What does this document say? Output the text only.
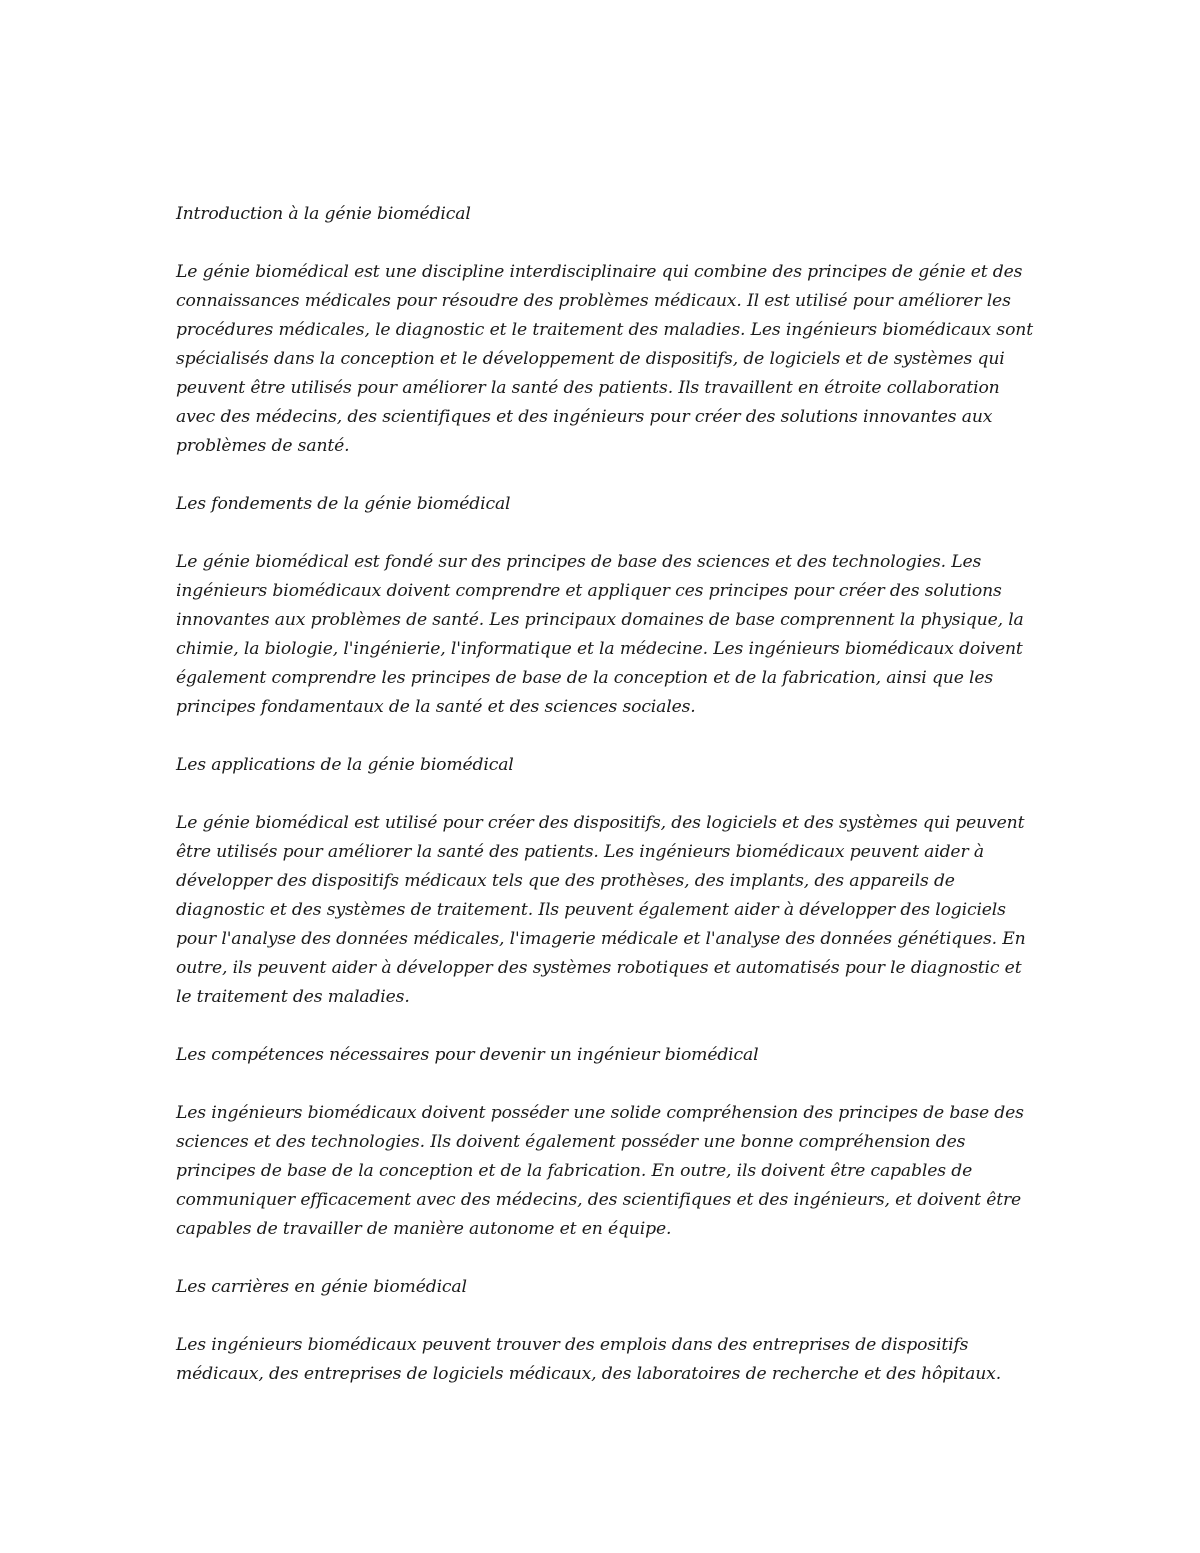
Introduction à la génie biomédical

Le génie biomédical est une discipline interdisciplinaire qui combine des principes de génie et des connaissances médicales pour résoudre des problèmes médicaux. Il est utilisé pour améliorer les procédures médicales, le diagnostic et le traitement des maladies. Les ingénieurs biomédicaux sont spécialisés dans la conception et le développement de dispositifs, de logiciels et de systèmes qui peuvent être utilisés pour améliorer la santé des patients. Ils travaillent en étroite collaboration avec des médecins, des scientifiques et des ingénieurs pour créer des solutions innovantes aux problèmes de santé.

Les fondements de la génie biomédical

Le génie biomédical est fondé sur des principes de base des sciences et des technologies. Les ingénieurs biomédicaux doivent comprendre et appliquer ces principes pour créer des solutions innovantes aux problèmes de santé. Les principaux domaines de base comprennent la physique, la chimie, la biologie, l'ingénierie, l'informatique et la médecine. Les ingénieurs biomédicaux doivent également comprendre les principes de base de la conception et de la fabrication, ainsi que les principes fondamentaux de la santé et des sciences sociales.

Les applications de la génie biomédical

Le génie biomédical est utilisé pour créer des dispositifs, des logiciels et des systèmes qui peuvent être utilisés pour améliorer la santé des patients. Les ingénieurs biomédicaux peuvent aider à développer des dispositifs médicaux tels que des prothèses, des implants, des appareils de diagnostic et des systèmes de traitement. Ils peuvent également aider à développer des logiciels pour l'analyse des données médicales, l'imagerie médicale et l'analyse des données génétiques. En outre, ils peuvent aider à développer des systèmes robotiques et automatisés pour le diagnostic et le traitement des maladies.

Les compétences nécessaires pour devenir un ingénieur biomédical

Les ingénieurs biomédicaux doivent posséder une solide compréhension des principes de base des sciences et des technologies. Ils doivent également posséder une bonne compréhension des principes de base de la conception et de la fabrication. En outre, ils doivent être capables de communiquer efficacement avec des médecins, des scientifiques et des ingénieurs, et doivent être capables de travailler de manière autonome et en équipe.

Les carrières en génie biomédical

Les ingénieurs biomédicaux peuvent trouver des emplois dans des entreprises de dispositifs médicaux, des entreprises de logiciels médicaux, des laboratoires de recherche et des hôpitaux.
